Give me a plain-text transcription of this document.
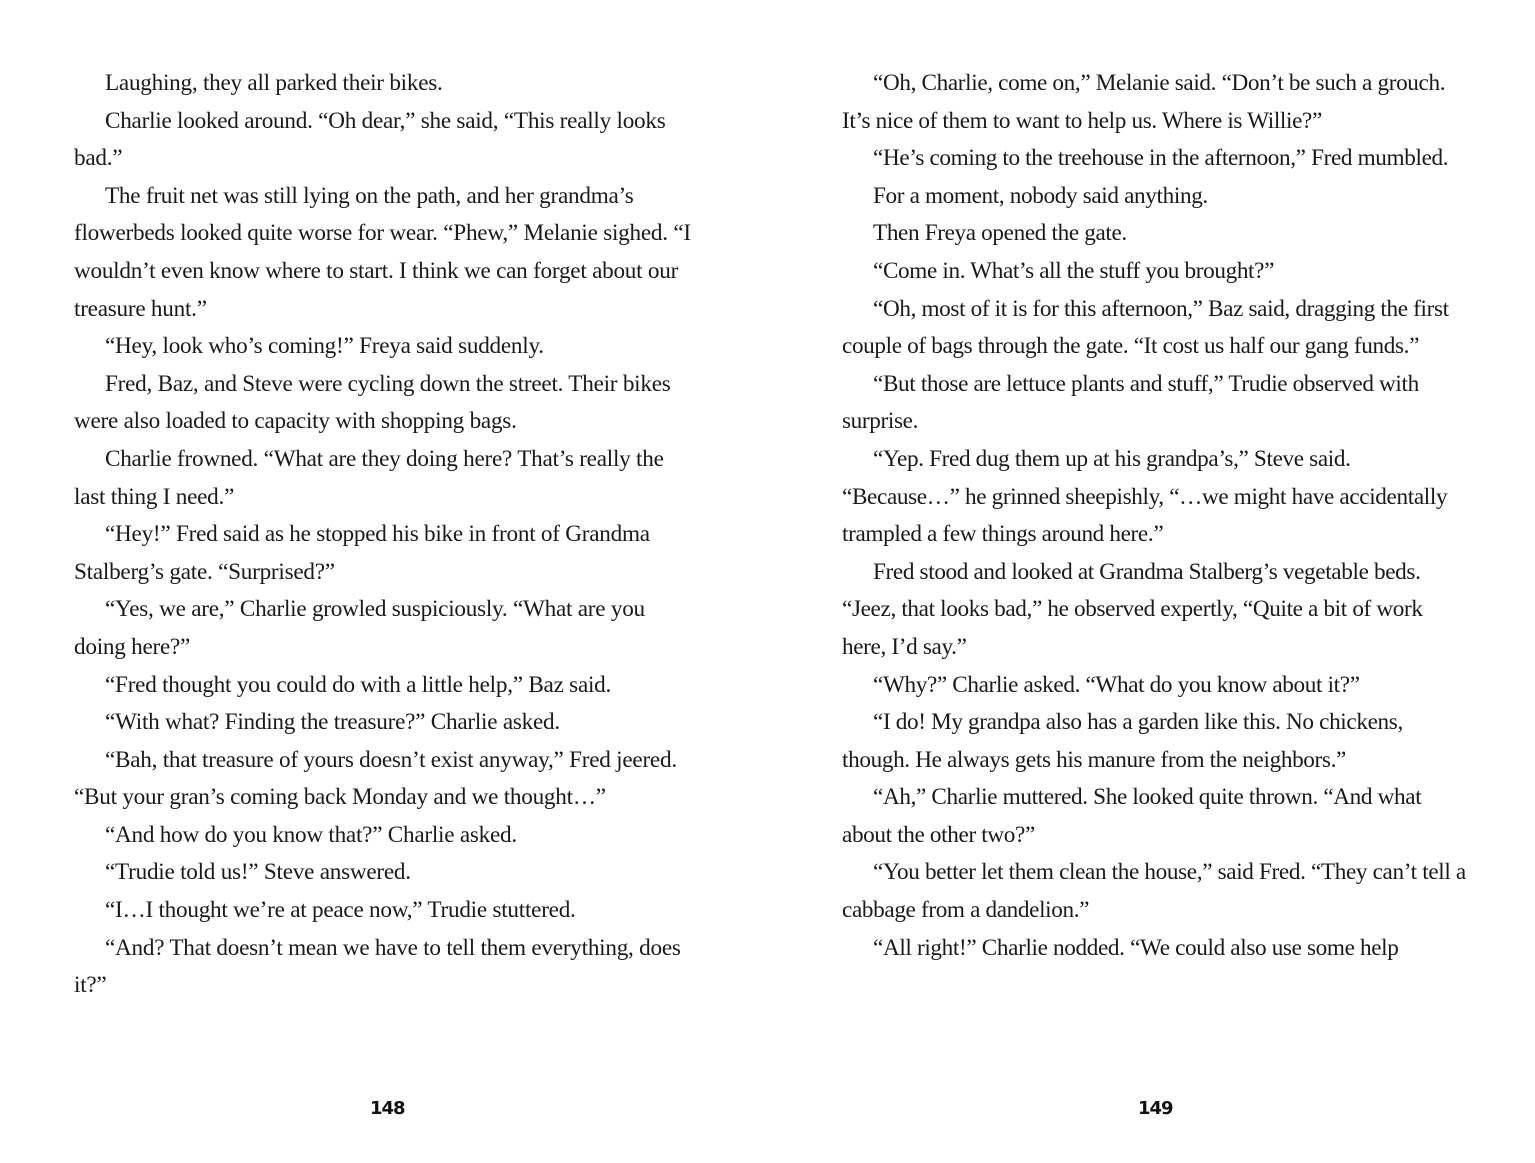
Laughing, they all parked their bikes.

Charlie looked around. “Oh dear,” she said, “This really looks bad.”

The fruit net was still lying on the path, and her grandma’s flowerbeds looked quite worse for wear. “Phew,” Melanie sighed. “I wouldn’t even know where to start. I think we can forget about our treasure hunt.”

“Hey, look who’s coming!” Freya said suddenly.

Fred, Baz, and Steve were cycling down the street. Their bikes were also loaded to capacity with shopping bags.

Charlie frowned. “What are they doing here? That’s really the last thing I need.”

“Hey!” Fred said as he stopped his bike in front of Grandma Stalberg’s gate. “Surprised?”

“Yes, we are,” Charlie growled suspiciously. “What are you doing here?”

“Fred thought you could do with a little help,” Baz said.

“With what? Finding the treasure?” Charlie asked.

“Bah, that treasure of yours doesn’t exist anyway,” Fred jeered. “But your gran’s coming back Monday and we thought…”

“And how do you know that?” Charlie asked.

“Trudie told us!” Steve answered.

“I…I thought we’re at peace now,” Trudie stuttered.

“And? That doesn’t mean we have to tell them everything, does it?”

“Oh, Charlie, come on,” Melanie said. “Don’t be such a grouch. It’s nice of them to want to help us. Where is Willie?”

“He’s coming to the treehouse in the afternoon,” Fred mumbled.

For a moment, nobody said anything.

Then Freya opened the gate.

“Come in. What’s all the stuff you brought?”

“Oh, most of it is for this afternoon,” Baz said, dragging the first couple of bags through the gate. “It cost us half our gang funds.”

“But those are lettuce plants and stuff,” Trudie observed with surprise.

“Yep. Fred dug them up at his grandpa’s,” Steve said. “Because…” he grinned sheepishly, “…we might have accidentally trampled a few things around here.”

Fred stood and looked at Grandma Stalberg’s vegetable beds. “Jeez, that looks bad,” he observed expertly, “Quite a bit of work here, I’d say.”

“Why?” Charlie asked. “What do you know about it?”

“I do! My grandpa also has a garden like this. No chickens, though. He always gets his manure from the neighbors.”

“Ah,” Charlie muttered. She looked quite thrown. “And what about the other two?”

“You better let them clean the house,” said Fred. “They can’t tell a cabbage from a dandelion.”

“All right!” Charlie nodded. “We could also use some help

148	149
